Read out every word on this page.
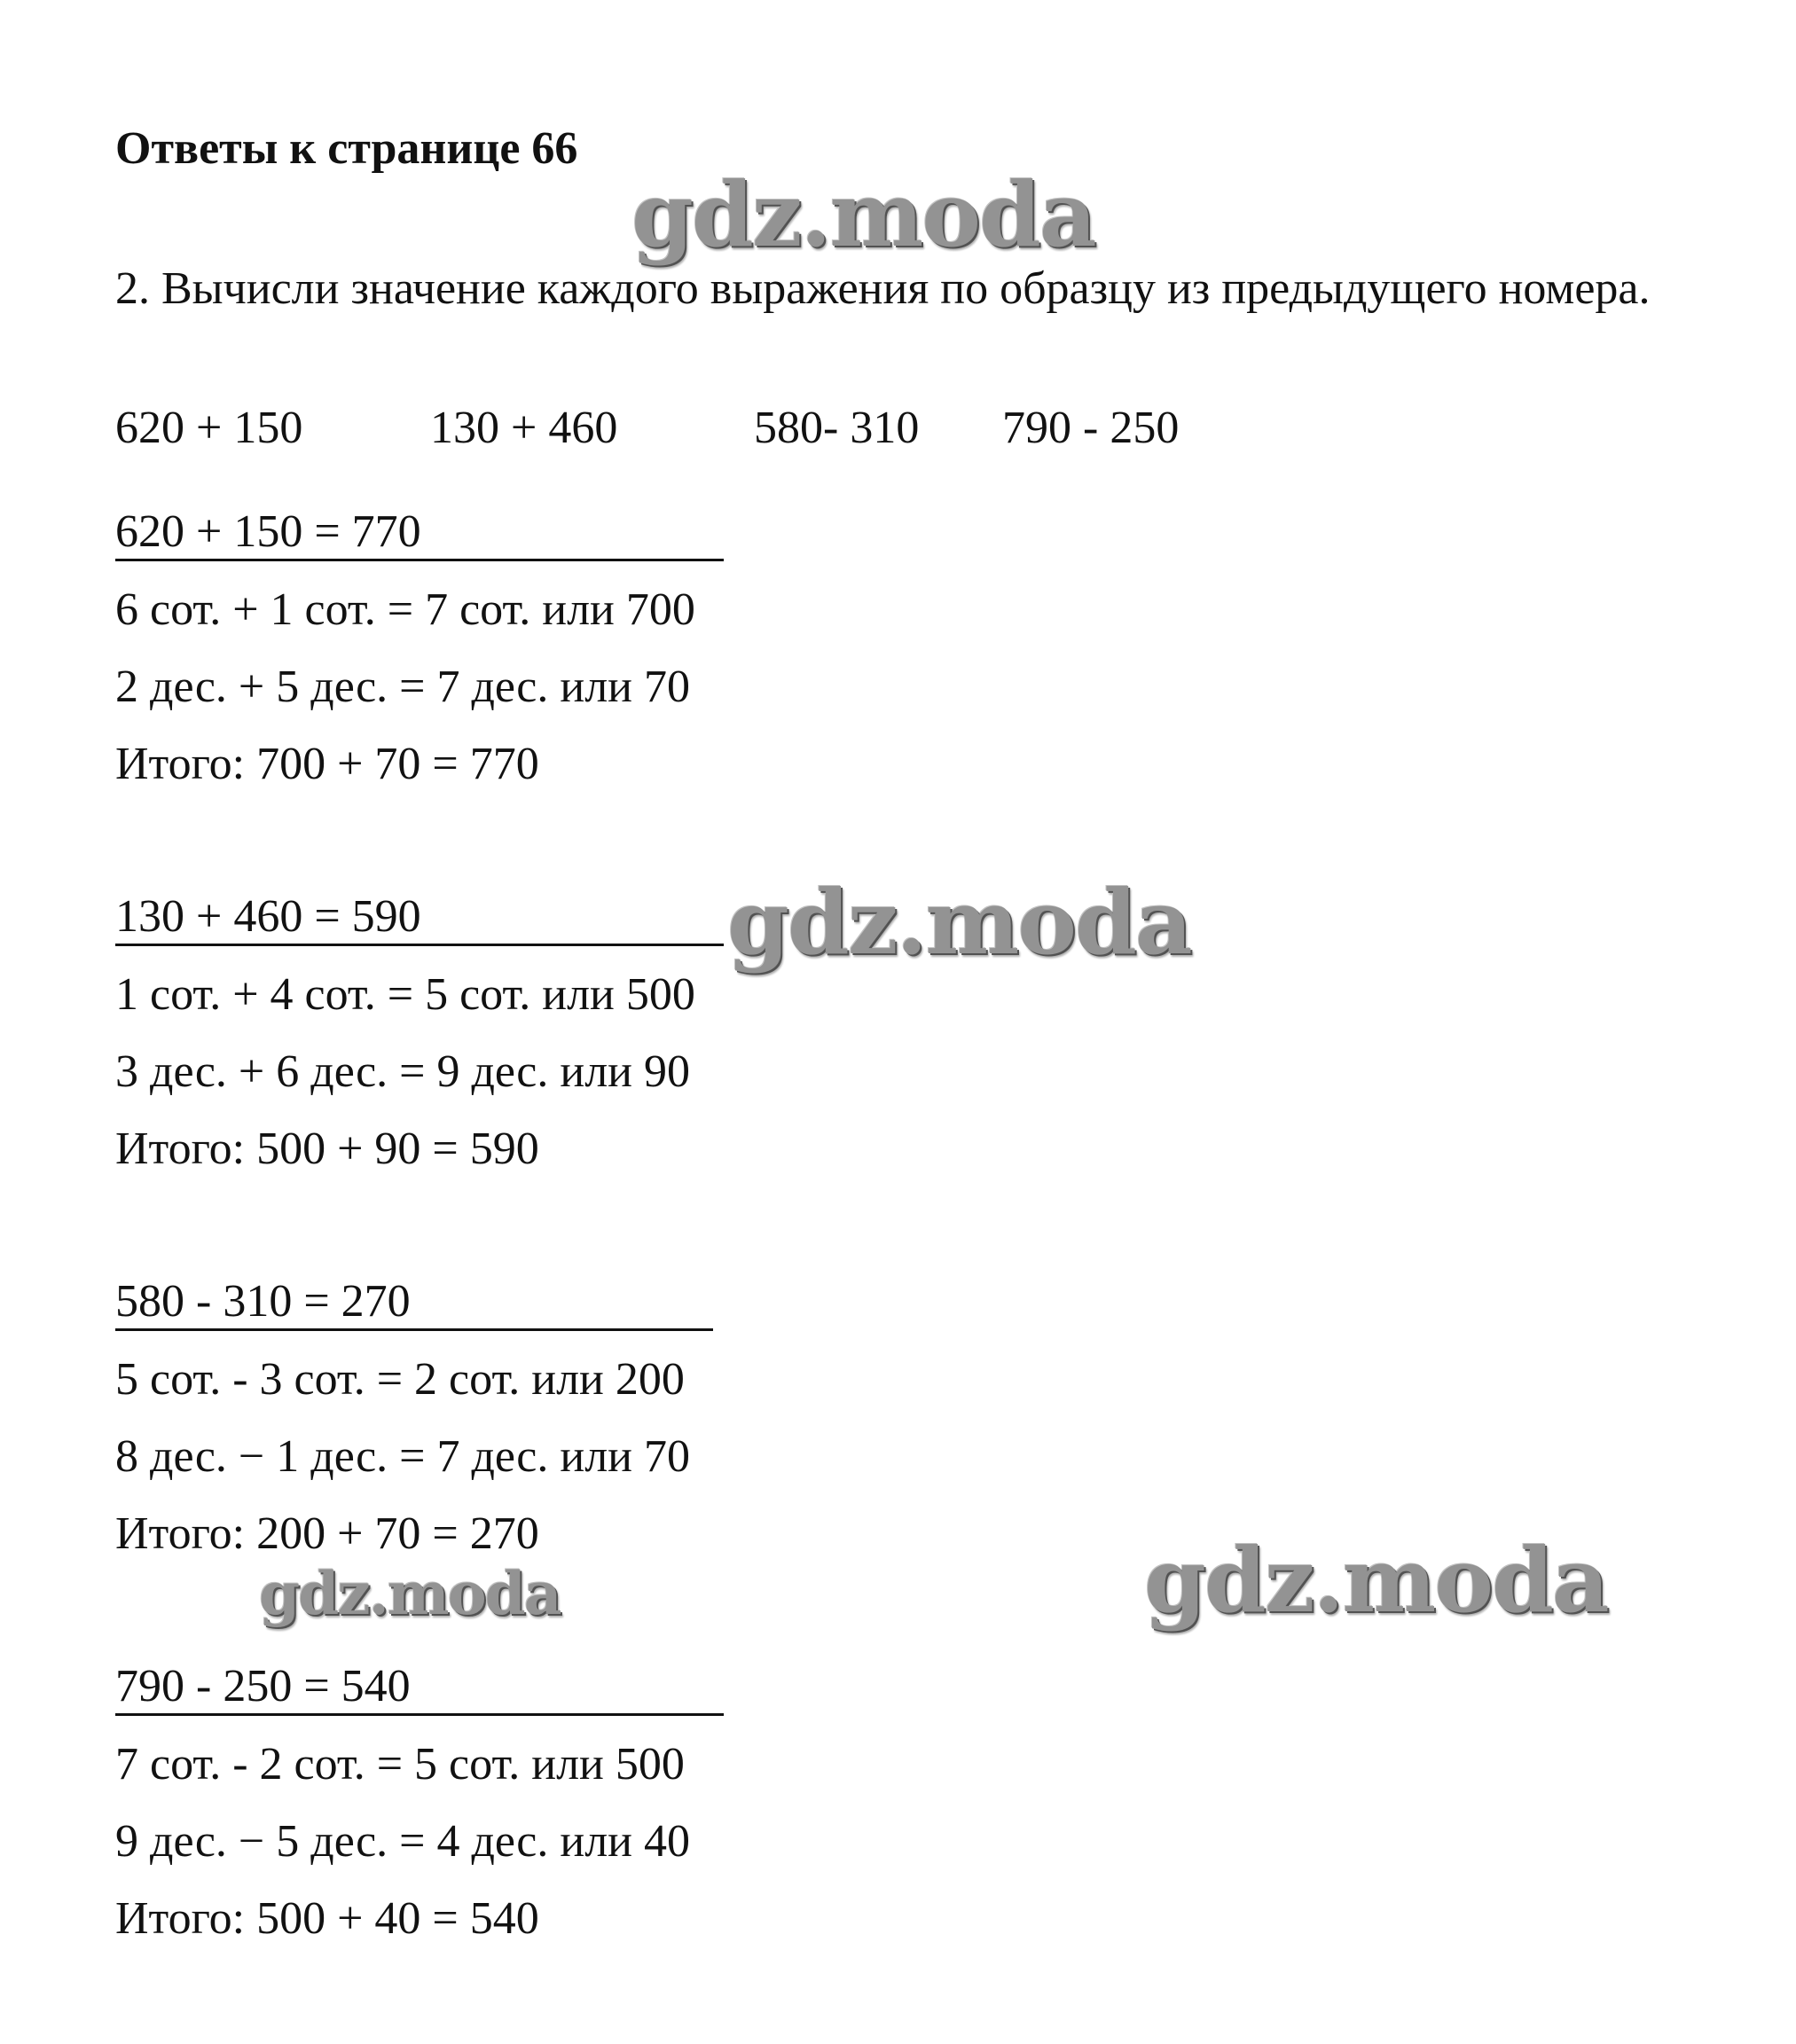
Ответы к странице 66

2. Вычисли значение каждого выражения по образцу из предыдущего номера.

620 + 150	130 + 460	580- 310 790 - 250
620 + 150 = 770
6 сот. + 1 сот. = 7 сот. или 700
2 дес. + 5 дес. = 7 дес. или 70
Итого: 700 + 70 = 770
130 + 460 = 590
1 сот. + 4 сот. = 5 сот. или 500
3 дес. + 6 дес. = 9 дес. или 90
Итого: 500 + 90 = 590
580 - 310 = 270
5 сот. - 3 сот. = 2 сот. или 200
8 дес. − 1 дес. = 7 дес. или 70
Итого: 200 + 70 = 270
790 - 250 = 540
7 сот. - 2 сот. = 5 сот. или 500
9 дес. − 5 дес. = 4 дес. или 40
Итого: 500 + 40 = 540
gdz.moda
gdz.moda
gdz.moda	gdz.moda
